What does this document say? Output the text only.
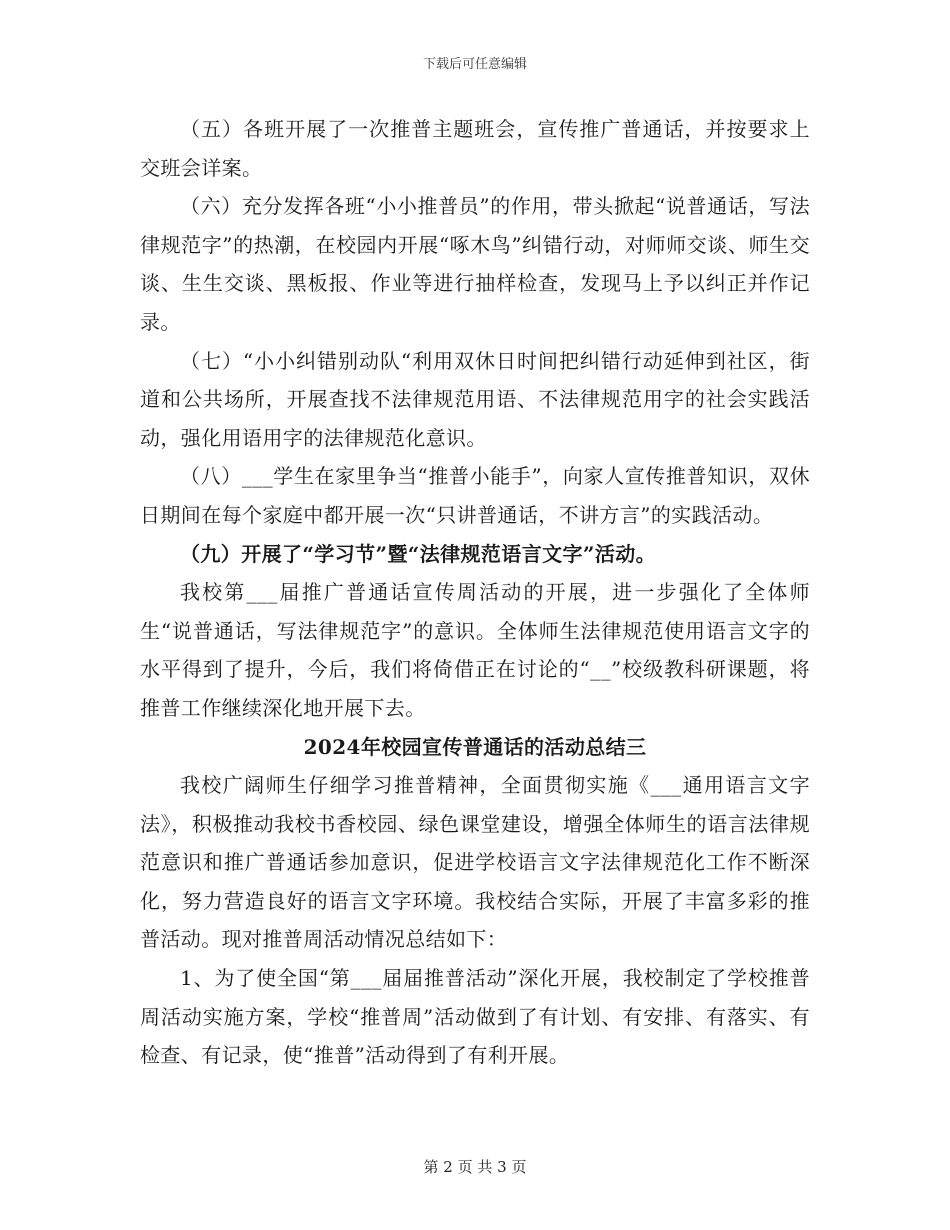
下载后可任意编辑

（五）各班开展了一次推普主题班会，宣传推广普通话，并按要求上交班会详案。

（六）充分发挥各班“小小推普员”的作用，带头掀起“说普通话，写法律规范字”的热潮，在校园内开展“啄木鸟”纠错行动，对师师交谈、师生交谈、生生交谈、黑板报、作业等进行抽样检查，发现马上予以纠正并作记录。

（七）“小小纠错别动队“利用双休日时间把纠错行动延伸到社区，街道和公共场所，开展查找不法律规范用语、不法律规范用字的社会实践活动，强化用语用字的法律规范化意识。

（八）___学生在家里争当“推普小能手”，向家人宣传推普知识，双休日期间在每个家庭中都开展一次“只讲普通话，不讲方言”的实践活动。

（九）开展了“学习节”暨“法律规范语言文字”活动。

我校第___届推广普通话宣传周活动的开展，进一步强化了全体师生“说普通话，写法律规范字”的意识。全体师生法律规范使用语言文字的水平得到了提升，今后，我们将倚借正在讨论的“__”校级教科研课题，将推普工作继续深化地开展下去。

2024年校园宣传普通话的活动总结三

我校广阔师生仔细学习推普精神，全面贯彻实施《___通用语言文字法》，积极推动我校书香校园、绿色课堂建设，增强全体师生的语言法律规范意识和推广普通话参加意识，促进学校语言文字法律规范化工作不断深化，努力营造良好的语言文字环境。我校结合实际，开展了丰富多彩的推普活动。现对推普周活动情况总结如下：

1、为了使全国“第___届届推普活动”深化开展，我校制定了学校推普周活动实施方案，学校“推普周”活动做到了有计划、有安排、有落实、有检查、有记录，使“推普”活动得到了有利开展。

第 2 页 共 3 页
